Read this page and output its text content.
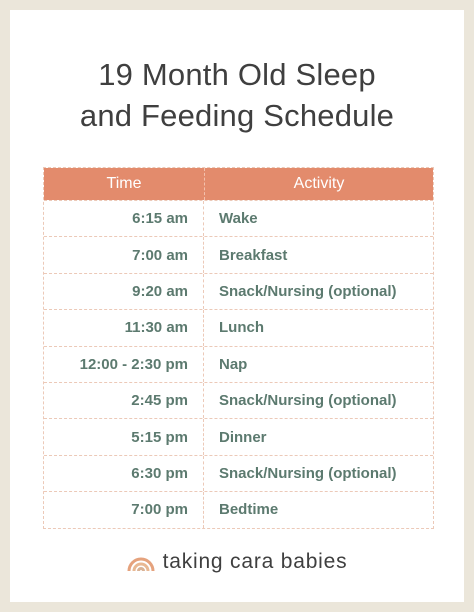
19 Month Old Sleep
and Feeding Schedule
Time	Activity
6:15 am	Wake
7:00 am	Breakfast
9:20 am	Snack/Nursing (optional)
11:30 am	Lunch
12:00 - 2:30 pm	Nap
2:45 pm	Snack/Nursing (optional)
5:15 pm	Dinner
6:30 pm	Snack/Nursing (optional)
7:00 pm	Bedtime
taking cara babies
